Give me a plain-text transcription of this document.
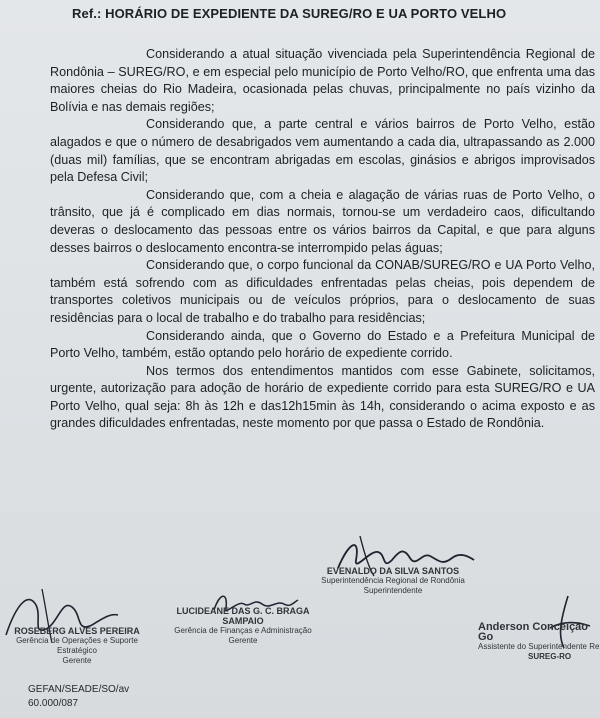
Ref.: HORÁRIO DE EXPEDIENTE DA SUREG/RO E UA PORTO VELHO

Considerando a atual situação vivenciada pela Superintendência Regional de Rondônia – SUREG/RO, e em especial pelo município de Porto Velho/RO, que enfrenta uma das maiores cheias do Rio Madeira, ocasionada pelas chuvas, principalmente no país vizinho da Bolívia e nas demais regiões;

Considerando que, a parte central e vários bairros de Porto Velho, estão alagados e que o número de desabrigados vem aumentando a cada dia, ultrapassando as 2.000 (duas mil) famílias, que se encontram abrigadas em escolas, ginásios e abrigos improvisados pela Defesa Civil;

Considerando que, com a cheia e alagação de várias ruas de Porto Velho, o trânsito, que já é complicado em dias normais, tornou-se um verdadeiro caos, dificultando deveras o deslocamento das pessoas entre os vários bairros da Capital, e que para alguns desses bairros o deslocamento encontra-se interrompido pelas águas;

Considerando que, o corpo funcional da CONAB/SUREG/RO e UA Porto Velho, também está sofrendo com as dificuldades enfrentadas pelas cheias, pois dependem de transportes coletivos municipais ou de veículos próprios, para o deslocamento de suas residências para o local de trabalho e do trabalho para residências;

Considerando ainda, que o Governo do Estado e a Prefeitura Municipal de Porto Velho, também, estão optando pelo horário de expediente corrido.

Nos termos dos entendimentos mantidos com esse Gabinete, solicitamos, urgente, autorização para adoção de horário de expediente corrido para esta SUREG/RO e UA Porto Velho, qual seja: 8h às 12h e das12h15min às 14h, considerando o acima exposto e as grandes dificuldades enfrentadas, neste momento por que passa o Estado de Rondônia.

EVENALDO DA SILVA SANTOS
Superintendência Regional de Rondônia
Superintendente
LUCIDEANE DAS G. C. BRAGA SAMPAIO
Gerência de Finanças e Administração
Gerente
ROSEBERG ALVES PEREIRA
Gerência de Operações e Suporte Estratégico
Gerente
Anderson Conceição Go
Assistente do Superintendente Re
SUREG-RO
GEFAN/SEADE/SO/av
60.000/087
